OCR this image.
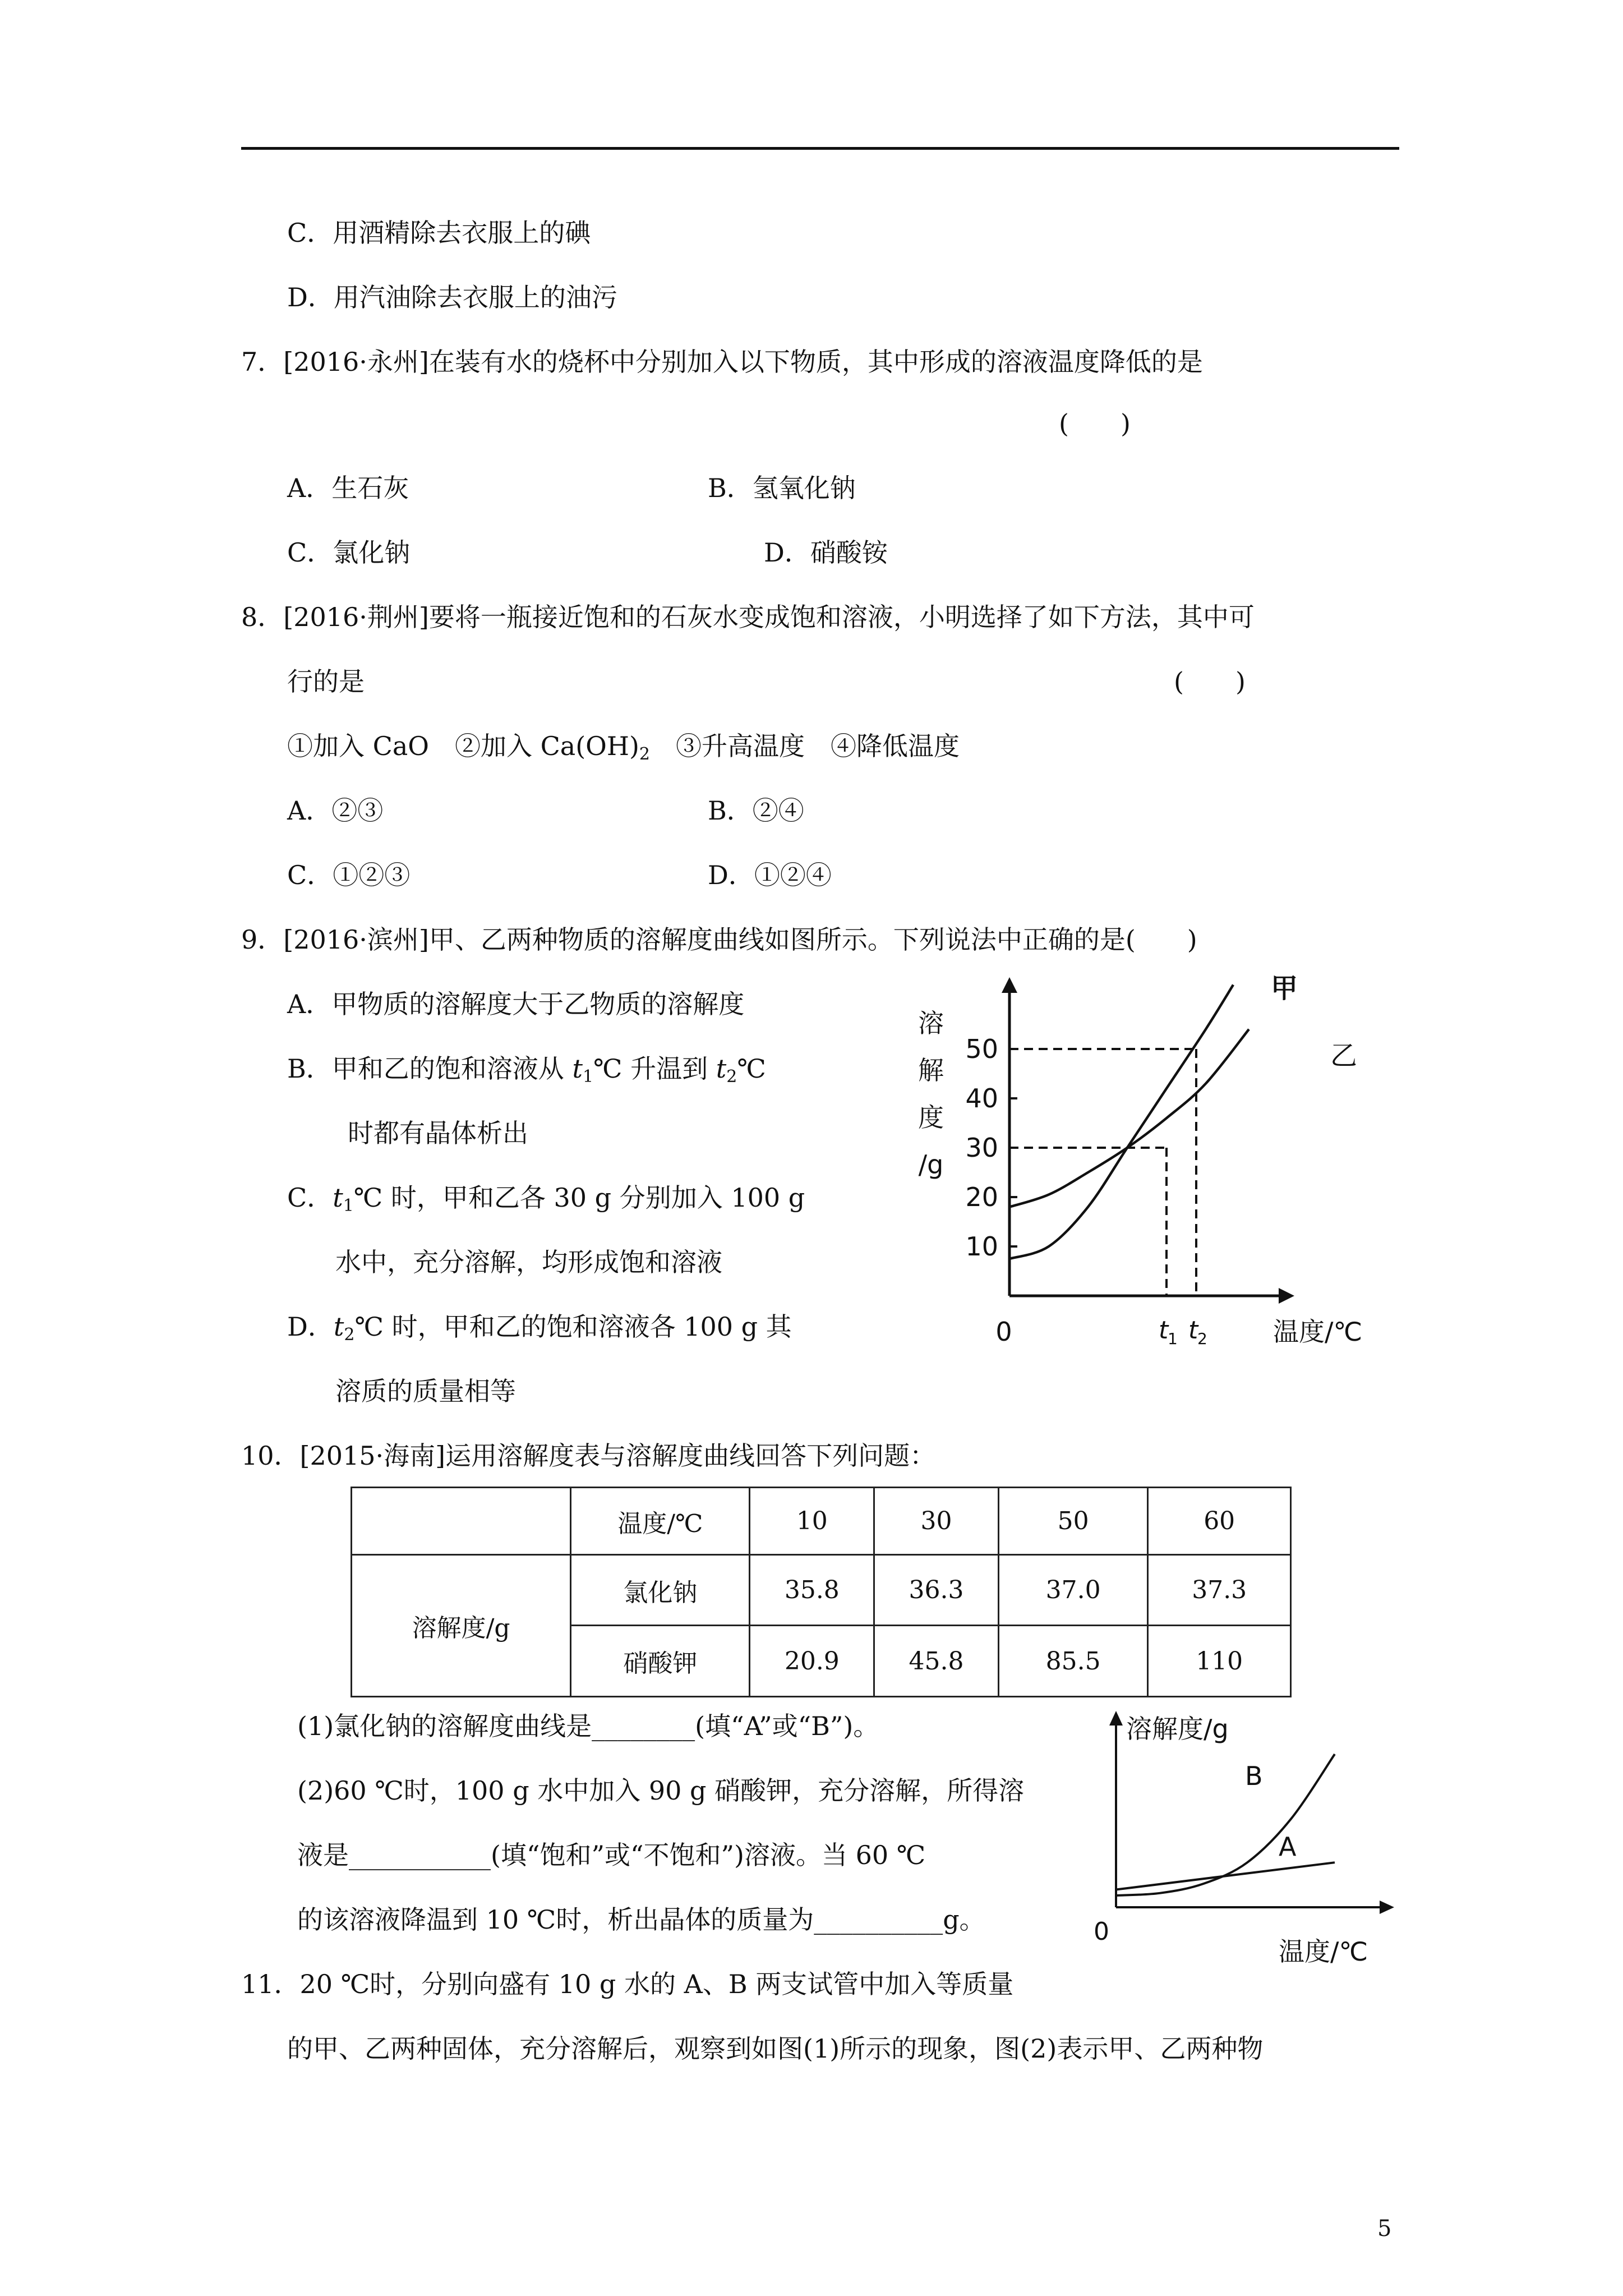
C．用酒精除去衣服上的碘
D．用汽油除去衣服上的油污
7．[2016·永州]在装有水的烧杯中分别加入以下物质，其中形成的溶液温度降低的是
(　　)
A．生石灰	B．氢氧化钠
C．氯化钠	D．硝酸铵
8．[2016·荆州]要将一瓶接近饱和的石灰水变成饱和溶液，小明选择了如下方法，其中可
行的是	(　　)
①加入 CaO　②加入 $Ca(OH)_2$　③升高温度　④降低温度
A．②③	B．②④
C．①②③	D．①②④
9．[2016·滨州]甲、乙两种物质的溶解度曲线如图所示。下列说法中正确的是(　　)
A．甲物质的溶解度大于乙物质的溶解度
B．甲和乙的饱和溶液从 $t_1℃$ 升温到 $t_2℃$
时都有晶体析出
C．$t_1℃$ 时，甲和乙各 30 g 分别加入 100 g
水中，充分溶解，均形成饱和溶液
D．$t_2℃$ 时，甲和乙的饱和溶液各 100 g 其
溶质的质量相等
10
20
30
40
50
溶
解
度
/g
0	温度/℃
甲
乙
t
1 t
2
10．[2015·海南]运用溶解度表与溶解度曲线回答下列问题：
	温度/℃	10	30	50	60
溶解度/g	氯化钠	35.8	36.3	37.0	37.3
	硝酸钾	20.9	45.8	85.5	110
(1)氯化钠的溶解度曲线是________(填“A”或“B”)。
(2)60 ℃时，100 g 水中加入 90 g 硝酸钾，充分溶解，所得溶
液是___________(填“饱和”或“不饱和”)溶液。当 60 ℃
的该溶液降温到 10 ℃时，析出晶体的质量为__________g。
溶解度/g
0
温度/℃
B
A
11．20 ℃时，分别向盛有 10 g 水的 A、B 两支试管中加入等质量
的甲、乙两种固体，充分溶解后，观察到如图(1)所示的现象，图(2)表示甲、乙两种物
5
